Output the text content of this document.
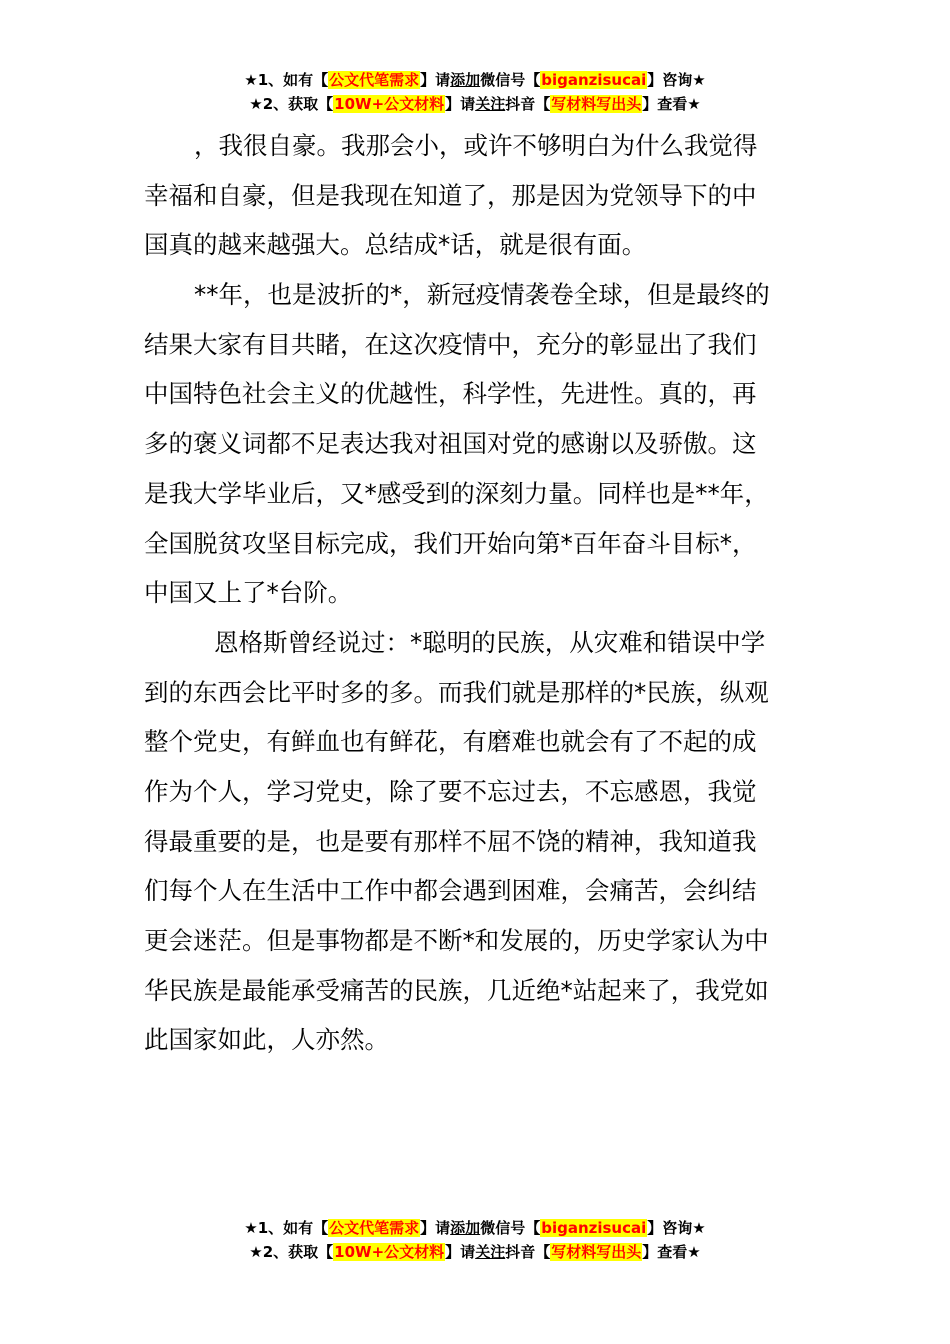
★1、如有【公文代笔需求】请添加微信号【biganzisucai】咨询★
★2、获取【10W+公文材料】请关注抖音【写材料写出头】查看★
，我很自豪。我那会小，或许不够明白为什么我觉得
幸福和自豪，但是我现在知道了，那是因为党领导下的中
国真的越来越强大。总结成*话，就是很有面。
**年，也是波折的*，新冠疫情袭卷全球，但是最终的
结果大家有目共睹，在这次疫情中，充分的彰显出了我们
中国特色社会主义的优越性，科学性，先进性。真的，再
多的褒义词都不足表达我对祖国对党的感谢以及骄傲。这
是我大学毕业后，又*感受到的深刻力量。同样也是**年，
全国脱贫攻坚目标完成，我们开始向第*百年奋斗目标*，
中国又上了*台阶。
恩格斯曾经说过：*聪明的民族，从灾难和错误中学
到的东西会比平时多的多。而我们就是那样的*民族，纵观
整个党史，有鲜血也有鲜花，有磨难也就会有了不起的成
作为个人，学习党史，除了要不忘过去，不忘感恩，我觉
得最重要的是，也是要有那样不屈不饶的精神，我知道我
们每个人在生活中工作中都会遇到困难，会痛苦，会纠结
更会迷茫。但是事物都是不断*和发展的，历史学家认为中
华民族是最能承受痛苦的民族，几近绝*站起来了，我党如
此国家如此，人亦然。
★1、如有【公文代笔需求】请添加微信号【biganzisucai】咨询★
★2、获取【10W+公文材料】请关注抖音【写材料写出头】查看★
